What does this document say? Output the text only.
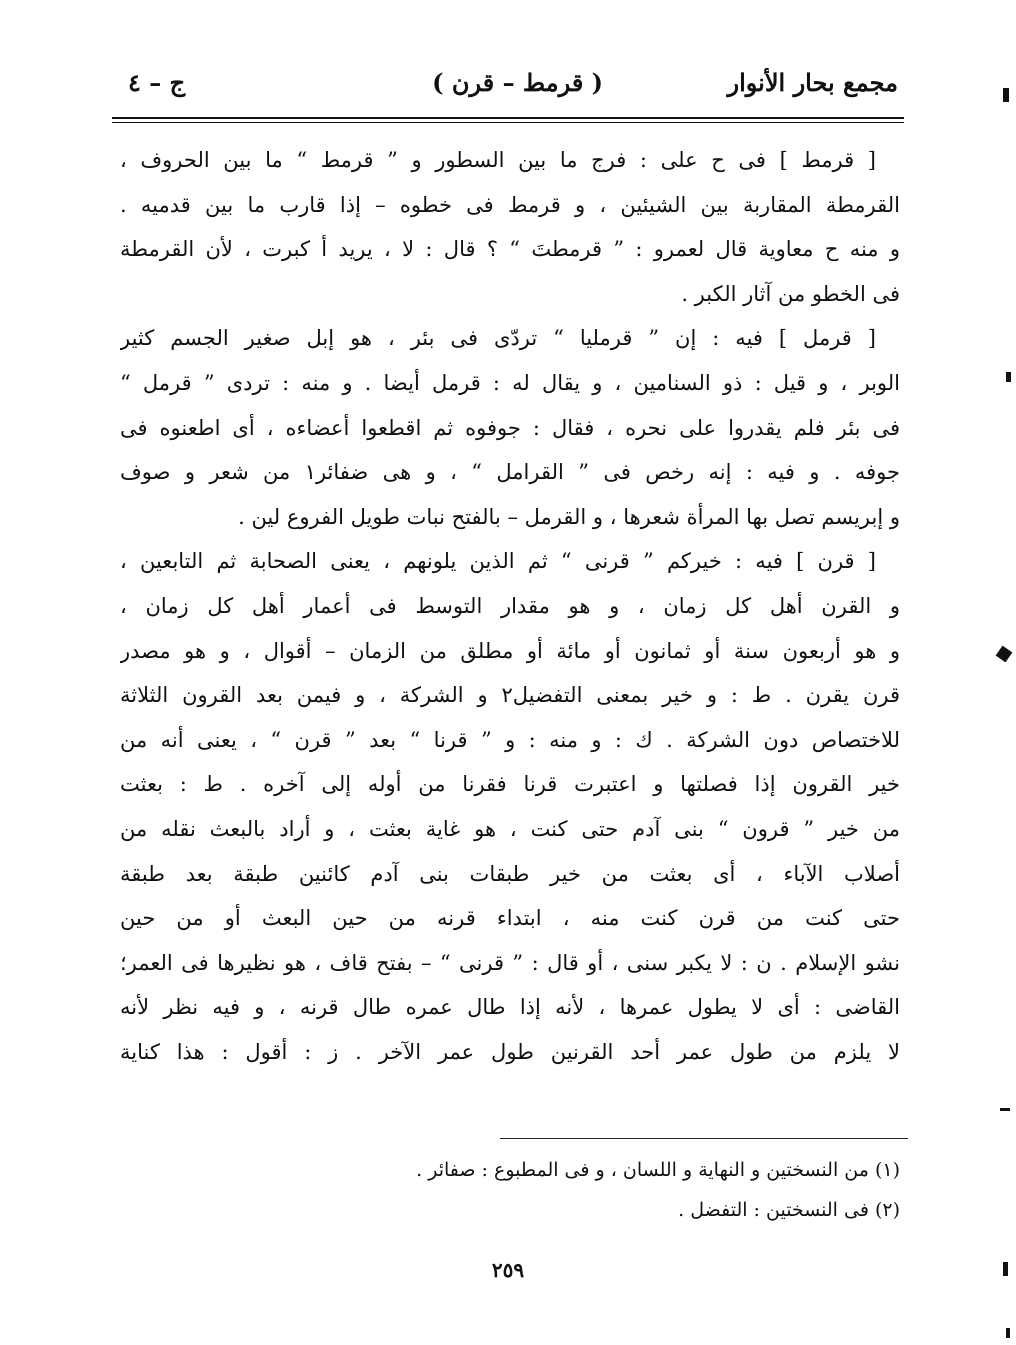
مجمع بحار الأنوار
( قرمط – قرن )
ج – ٤
[ قرمط ] فى ح على : فرج ما بين السطور و ” قرمط “ ما بين الحروف ،
القرمطة المقاربة بين الشيئين ، و قرمط فى خطوه – إذا قارب ما بين قدميه .
و منه ح معاوية قال لعمرو : ” قرمطتَ “ ؟ قال : لا ، يريد أ كبرت ، لأن القرمطة
فى الخطو من آثار الكبر .
[ قرمل ] فيه : إن ” قرمليا “ تردّى فى بئر ، هو إبل صغير الجسم كثير
الوبر ، و قيل : ذو السنامين ، و يقال له : قرمل أيضا . و منه : تردى ” قرمل “
فى بئر فلم يقدروا على نحره ، فقال : جوفوه ثم اقطعوا أعضاءه ، أى اطعنوه فى
جوفه . و فيه : إنه رخص فى ” القرامل “ ، و هى ضفائر١ من شعر و صوف
و إبريسم تصل بها المرأة شعرها ، و القرمل – بالفتح نبات طويل الفروع لين .
[ قرن ] فيه : خيركم ” قرنى “ ثم الذين يلونهم ، يعنى الصحابة ثم التابعين ،
و القرن أهل كل زمان ، و هو مقدار التوسط فى أعمار أهل كل زمان ،
و هو أربعون سنة أو ثمانون أو مائة أو مطلق من الزمان – أقوال ، و هو مصدر
قرن يقرن . ط : و خير بمعنى التفضيل٢ و الشركة ، و فيمن بعد القرون الثلاثة
للاختصاص دون الشركة . ك : و منه : و ” قرنا “ بعد ” قرن “ ، يعنى أنه من
خير القرون إذا فصلتها و اعتبرت قرنا فقرنا من أوله إلى آخره . ط : بعثت
من خير ” قرون “ بنى آدم حتى كنت ، هو غاية بعثت ، و أراد بالبعث نقله من
أصلاب الآباء ، أى بعثت من خير طبقات بنى آدم كائنين طبقة بعد طبقة
حتى كنت من قرن كنت منه ، ابتداء قرنه من حين البعث أو من حين
نشو الإسلام . ن : لا يكبر سنى ، أو قال : ” قرنى “ – بفتح قاف ، هو نظيرها فى العمر؛
القاضى : أى لا يطول عمرها ، لأنه إذا طال عمره طال قرنه ، و فيه نظر لأنه
لا يلزم من طول عمر أحد القرنين طول عمر الآخر . ز : أقول : هذا كناية
(١) من النسختين و النهاية و اللسان ، و فى المطبوع : صفائر .
(٢) فى النسختين : التفضل .
٢٥٩
